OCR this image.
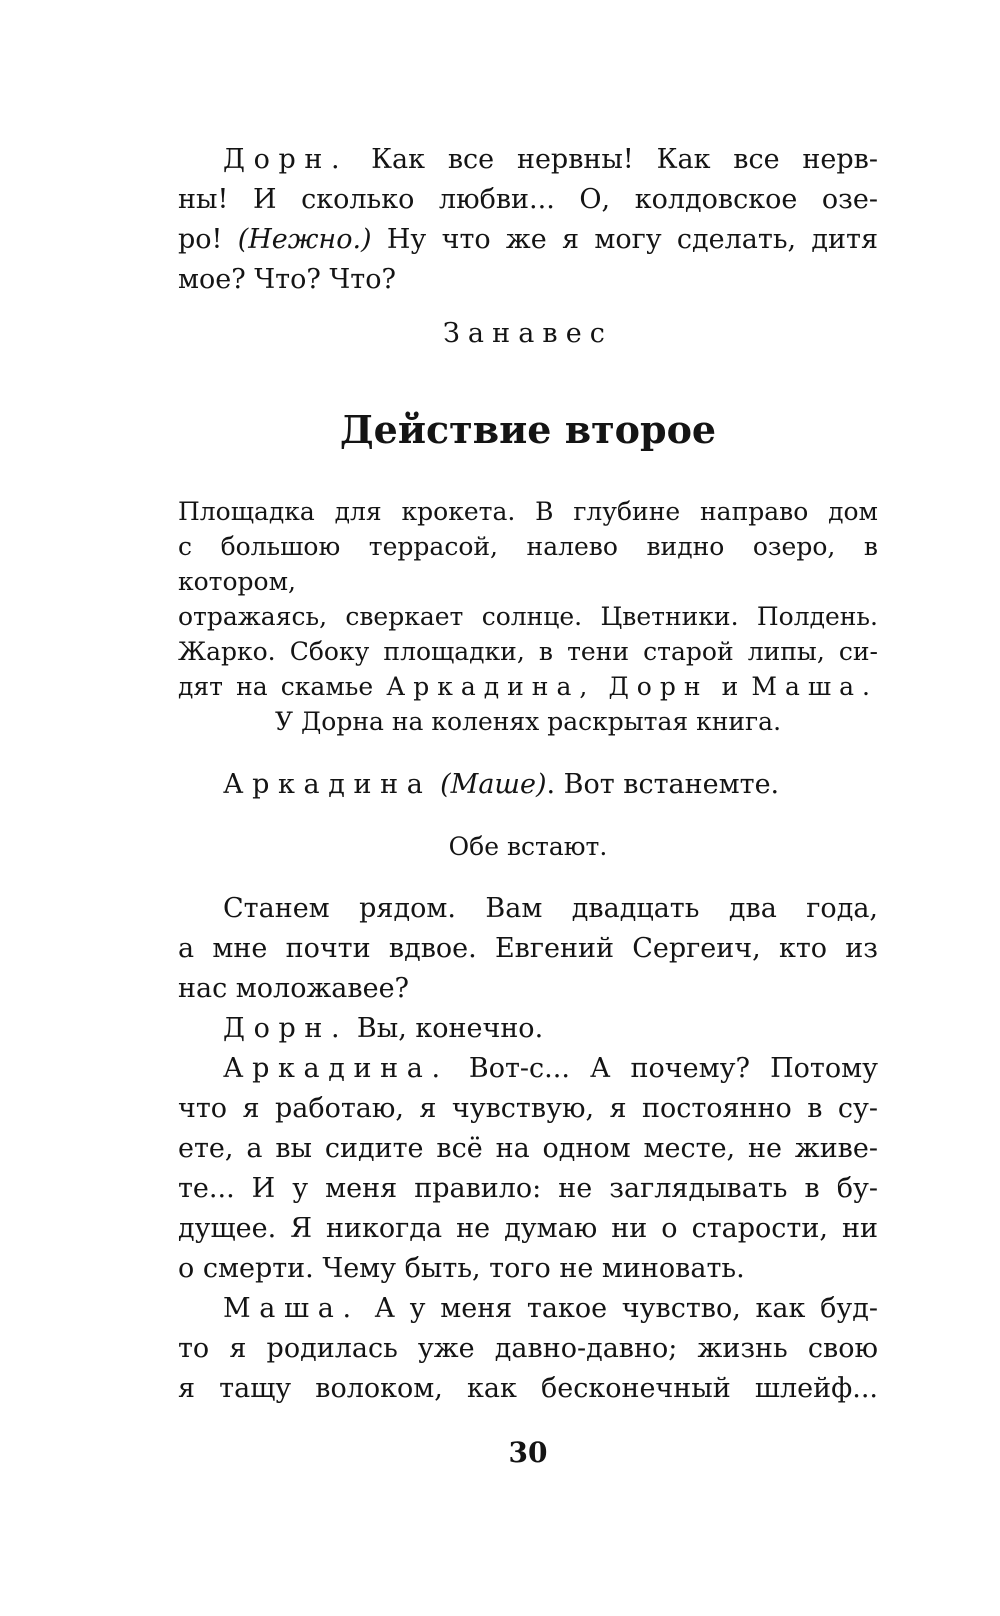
Дорн. Как все нервны! Как все нерв-
ны! И сколько любви... О, колдовское озе-
ро! (Нежно.) Ну что же я могу сделать, дитя
мое? Что? Что?
Занавес
Действие второе
Площадка для крокета. В глубине направо дом
с большою террасой, налево видно озеро, в котором,
отражаясь, сверкает солнце. Цветники. Полдень.
Жарко. Сбоку площадки, в тени старой липы, си-
дят на скамье Аркадина, Дорн и Маша.
У Дорна на коленях раскрытая книга.
Аркадина (Маше). Вот встанемте.
Обе встают.
Станем рядом. Вам двадцать два года,
а мне почти вдвое. Евгений Сергеич, кто из
нас моложавее?
Дорн. Вы, конечно.
Аркадина. Вот-с... А почему? Потому
что я работаю, я чувствую, я постоянно в су-
ете, а вы сидите всё на одном месте, не живе-
те... И у меня правило: не заглядывать в бу-
дущее. Я никогда не думаю ни о старости, ни
о смерти. Чему быть, того не миновать.
Маша. А у меня такое чувство, как буд-
то я родилась уже давно-давно; жизнь свою
я тащу волоком, как бесконечный шлейф...
30
